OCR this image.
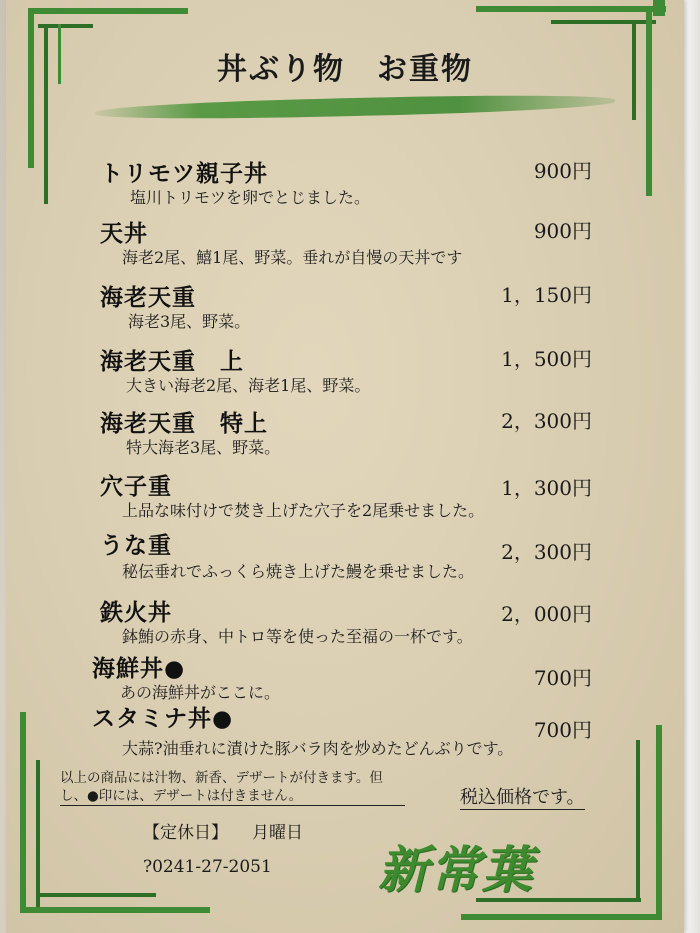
丼ぶり物　お重物
トリモツ親子丼	900円
塩川トリモツを卵でとじました。
天丼	900円
海老2尾、鱚1尾、野菜。垂れが自慢の天丼です
海老天重	1，150円
海老3尾、野菜。
海老天重　上	1，500円
大きい海老2尾、海老1尾、野菜。
海老天重　特上	2，300円
特大海老3尾、野菜。
穴子重	1，300円
上品な味付けで焚き上げた穴子を2尾乗せました。
うな重	2，300円
秘伝垂れでふっくら焼き上げた鰻を乗せました。
鉄火丼	2，000円
鉢鮪の赤身、中トロ等を使った至福の一杯です。
海鮮丼●	700円
あの海鮮丼がここに。
スタミナ丼●	700円
大蒜?油垂れに漬けた豚バラ肉を炒めたどんぶりです。
以上の商品には汁物、新香、デザートが付きます。但し、●印には、デザートは付きません。	税込価格です。
【定休日】 月曜日
?0241-27-2051 新常葉
